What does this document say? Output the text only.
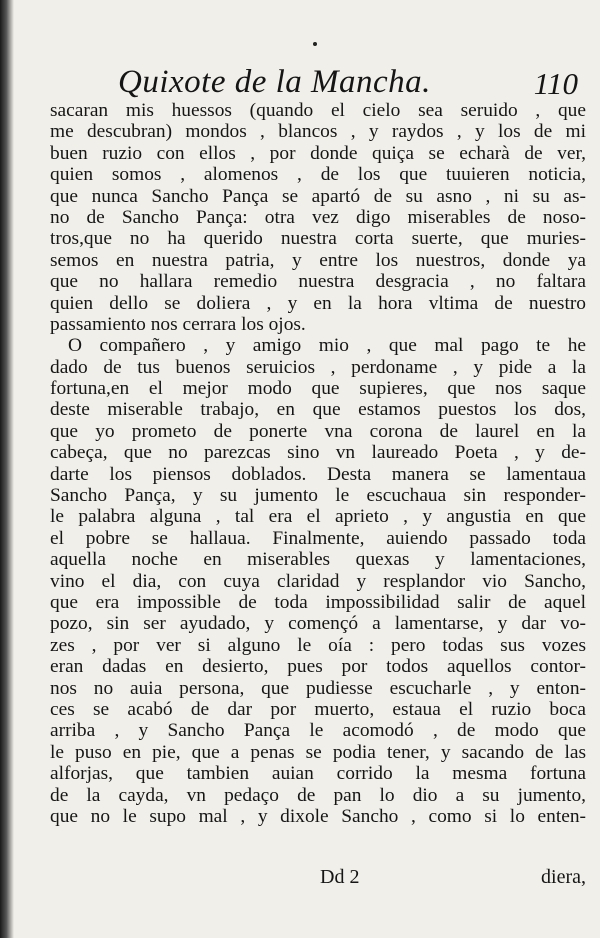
Quixote de la Mancha.	110
sacaran mis huessos (quando el cielo sea seruido , que
me descubran) mondos , blancos , y raydos , y los de mi
buen ruzio con ellos , por donde quiça se echarà de ver,
quien somos , alomenos , de los que tuuieren noticia,
que nunca Sancho Pança se apartó de su asno , ni su as-
no de Sancho Pança: otra vez digo miserables de noso-
tros,que no ha querido nuestra corta suerte, que muries-
semos en nuestra patria, y entre los nuestros, donde ya
que no hallara remedio nuestra desgracia , no faltara
quien dello se doliera , y en la hora vltima de nuestro
passamiento nos cerrara los ojos.
O compañero , y amigo mio , que mal pago te he
dado de tus buenos seruicios , perdoname , y pide a la
fortuna,en el mejor modo que supieres, que nos saque
deste miserable trabajo, en que estamos puestos los dos,
que yo prometo de ponerte vna corona de laurel en la
cabeça, que no parezcas sino vn laureado Poeta , y de-
darte los piensos doblados. Desta manera se lamentaua
Sancho Pança, y su jumento le escuchaua sin responder-
le palabra alguna , tal era el aprieto , y angustia en que
el pobre se hallaua. Finalmente, auiendo passado toda
aquella noche en miserables quexas y lamentaciones,
vino el dia, con cuya claridad y resplandor vio Sancho,
que era impossible de toda impossibilidad salir de aquel
pozo, sin ser ayudado, y començó a lamentarse, y dar vo-
zes , por ver si alguno le oía : pero todas sus vozes
eran dadas en desierto, pues por todos aquellos contor-
nos no auia persona, que pudiesse escucharle , y enton-
ces se acabó de dar por muerto, estaua el ruzio boca
arriba , y Sancho Pança le acomodó , de modo que
le puso en pie, que a penas se podia tener, y sacando de las
alforjas, que tambien auian corrido la mesma fortuna
de la cayda, vn pedaço de pan lo dio a su jumento,
que no le supo mal , y dixole Sancho , como si lo enten-
Dd 2	diera,
